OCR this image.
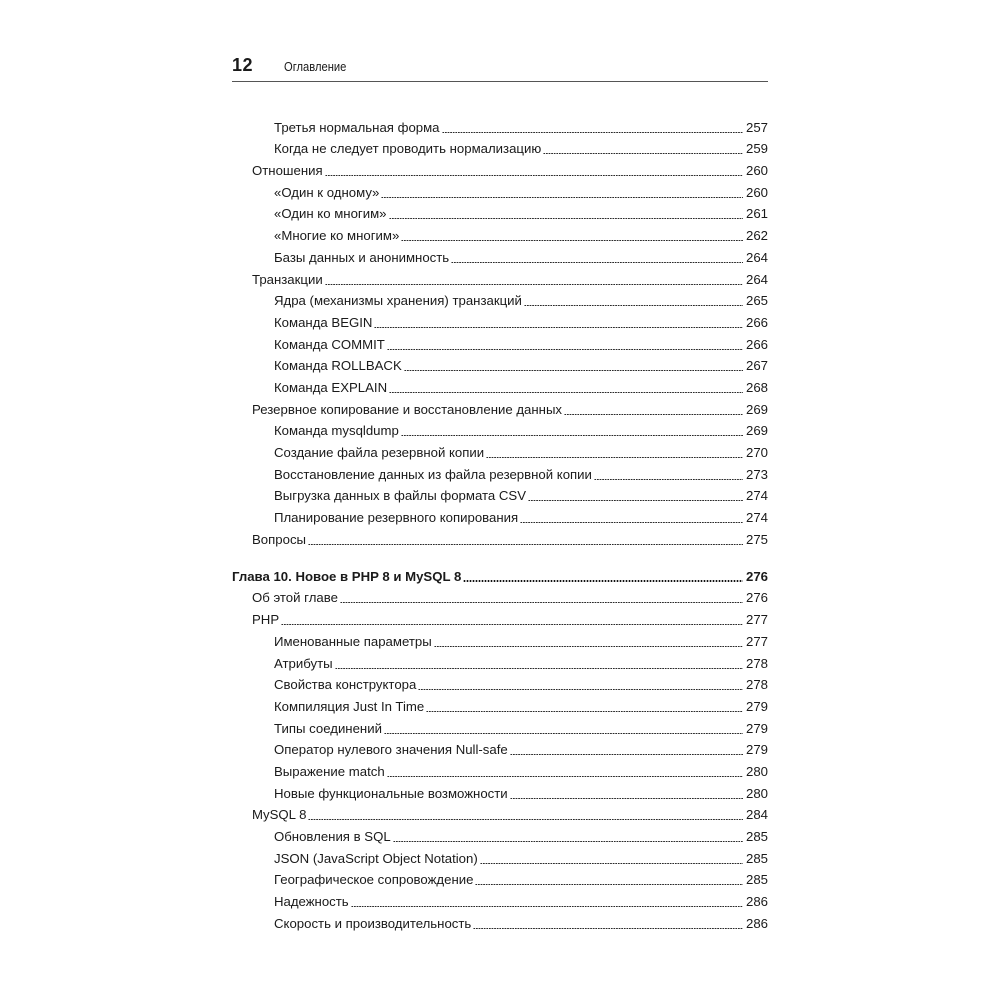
12	Оглавление
Третья нормальная форма	257
Когда не следует проводить нормализацию	259
Отношения	260
«Один к одному»	260
«Один ко многим»	261
«Многие ко многим»	262
Базы данных и анонимность	264
Транзакции	264
Ядра (механизмы хранения) транзакций	265
Команда BEGIN	266
Команда COMMIT	266
Команда ROLLBACK	267
Команда EXPLAIN	268
Резервное копирование и восстановление данных	269
Команда mysqldump	269
Создание файла резервной копии	270
Восстановление данных из файла резервной копии	273
Выгрузка данных в файлы формата CSV	274
Планирование резервного копирования	274
Вопросы	275
Глава 10. Новое в PHP 8 и MySQL 8	276
Об этой главе	276
PHP	277
Именованные параметры	277
Атрибуты	278
Свойства конструктора	278
Компиляция Just In Time	279
Типы соединений	279
Оператор нулевого значения Null-safe	279
Выражение match	280
Новые функциональные возможности	280
MySQL 8	284
Обновления в SQL	285
JSON (JavaScript Object Notation)	285
Географическое сопровождение	285
Надежность	286
Скорость и производительность	286
